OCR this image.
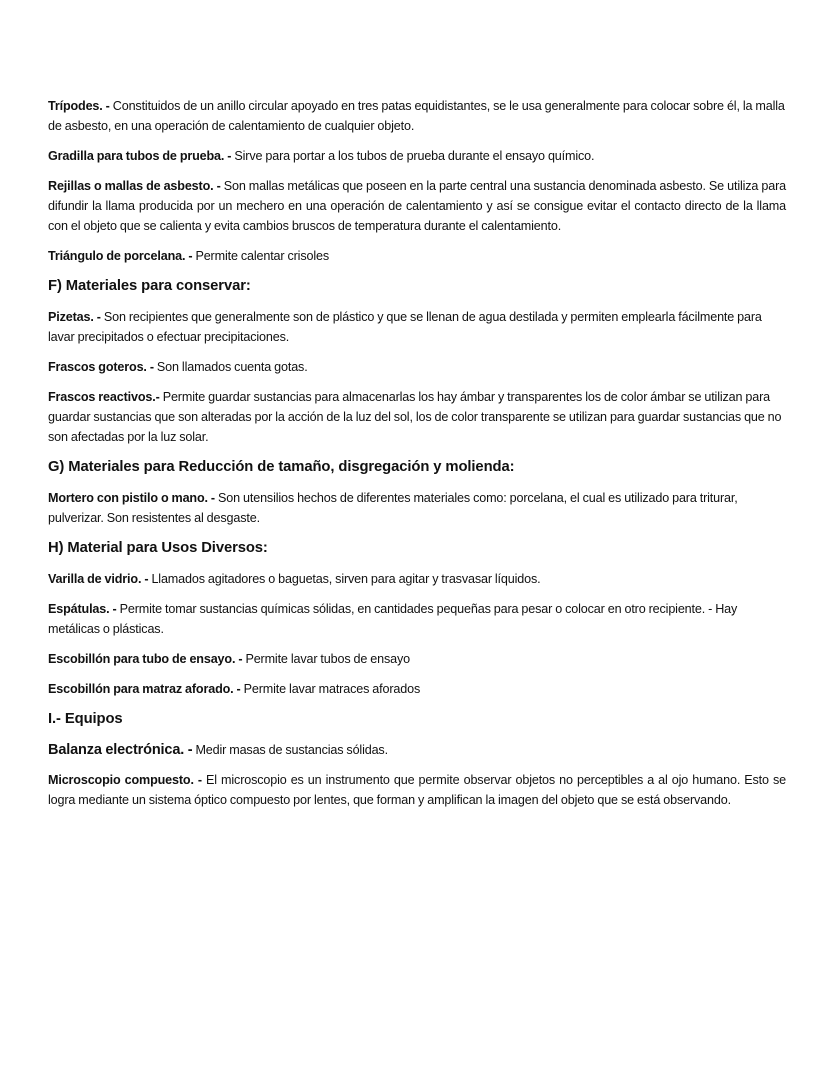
Trípodes. - Constituidos de un anillo circular apoyado en tres patas equidistantes, se le usa generalmente para colocar sobre él, la malla de asbesto, en una operación de calentamiento de cualquier objeto.

Gradilla para tubos de prueba. - Sirve para portar a los tubos de prueba durante el ensayo químico.

Rejillas o mallas de asbesto. - Son mallas metálicas que poseen en la parte central una sustancia denominada asbesto. Se utiliza para difundir la llama producida por un mechero en una operación de calentamiento y así se consigue evitar el contacto directo de la llama con el objeto que se calienta y evita cambios bruscos de temperatura durante el calentamiento.

Triángulo de porcelana. - Permite calentar crisoles

F) Materiales para conservar:

Pizetas. - Son recipientes que generalmente son de plástico y que se llenan de agua destilada y permiten emplearla fácilmente para lavar precipitados o efectuar precipitaciones.

Frascos goteros. - Son llamados cuenta gotas.

Frascos reactivos.- Permite guardar sustancias para almacenarlas los hay ámbar y transparentes los de color ámbar se utilizan para guardar sustancias que son alteradas por la acción de la luz del sol, los de color transparente se utilizan para guardar sustancias que no son afectadas por la luz solar.

G) Materiales para Reducción de tamaño, disgregación y molienda:

Mortero con pistilo o mano. - Son utensilios hechos de diferentes materiales como: porcelana, el cual es utilizado para triturar, pulverizar. Son resistentes al desgaste.

H) Material para Usos Diversos:

Varilla de vidrio. - Llamados agitadores o baguetas, sirven para agitar y trasvasar líquidos.

Espátulas. - Permite tomar sustancias químicas sólidas, en cantidades pequeñas para pesar o colocar en otro recipiente. - Hay metálicas o plásticas.

Escobillón para tubo de ensayo. - Permite lavar tubos de ensayo

Escobillón para matraz aforado. - Permite lavar matraces aforados

I.- Equipos

Balanza electrónica. - Medir masas de sustancias sólidas.

Microscopio compuesto. - El microscopio es un instrumento que permite observar objetos no perceptibles a al ojo humano. Esto se logra mediante un sistema óptico compuesto por lentes, que forman y amplifican la imagen del objeto que se está observando.
